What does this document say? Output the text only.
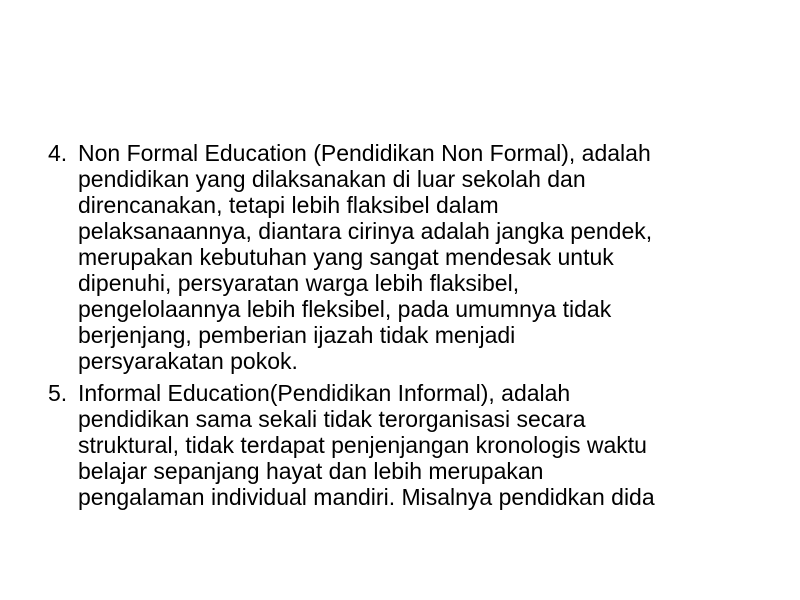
4. Non Formal Education (Pendidikan Non Formal), adalah
pendidikan yang dilaksanakan di luar sekolah dan
direncanakan, tetapi lebih flaksibel dalam
pelaksanaannya, diantara cirinya adalah jangka pendek,
merupakan kebutuhan yang sangat mendesak untuk
dipenuhi, persyaratan warga lebih flaksibel,
pengelolaannya lebih fleksibel, pada umumnya tidak
berjenjang, pemberian ijazah tidak menjadi
persyarakatan pokok.
5. Informal Education(Pendidikan Informal), adalah
pendidikan sama sekali tidak terorganisasi secara
struktural, tidak terdapat penjenjangan kronologis waktu
belajar sepanjang hayat dan lebih merupakan
pengalaman individual mandiri. Misalnya pendidkan dida
